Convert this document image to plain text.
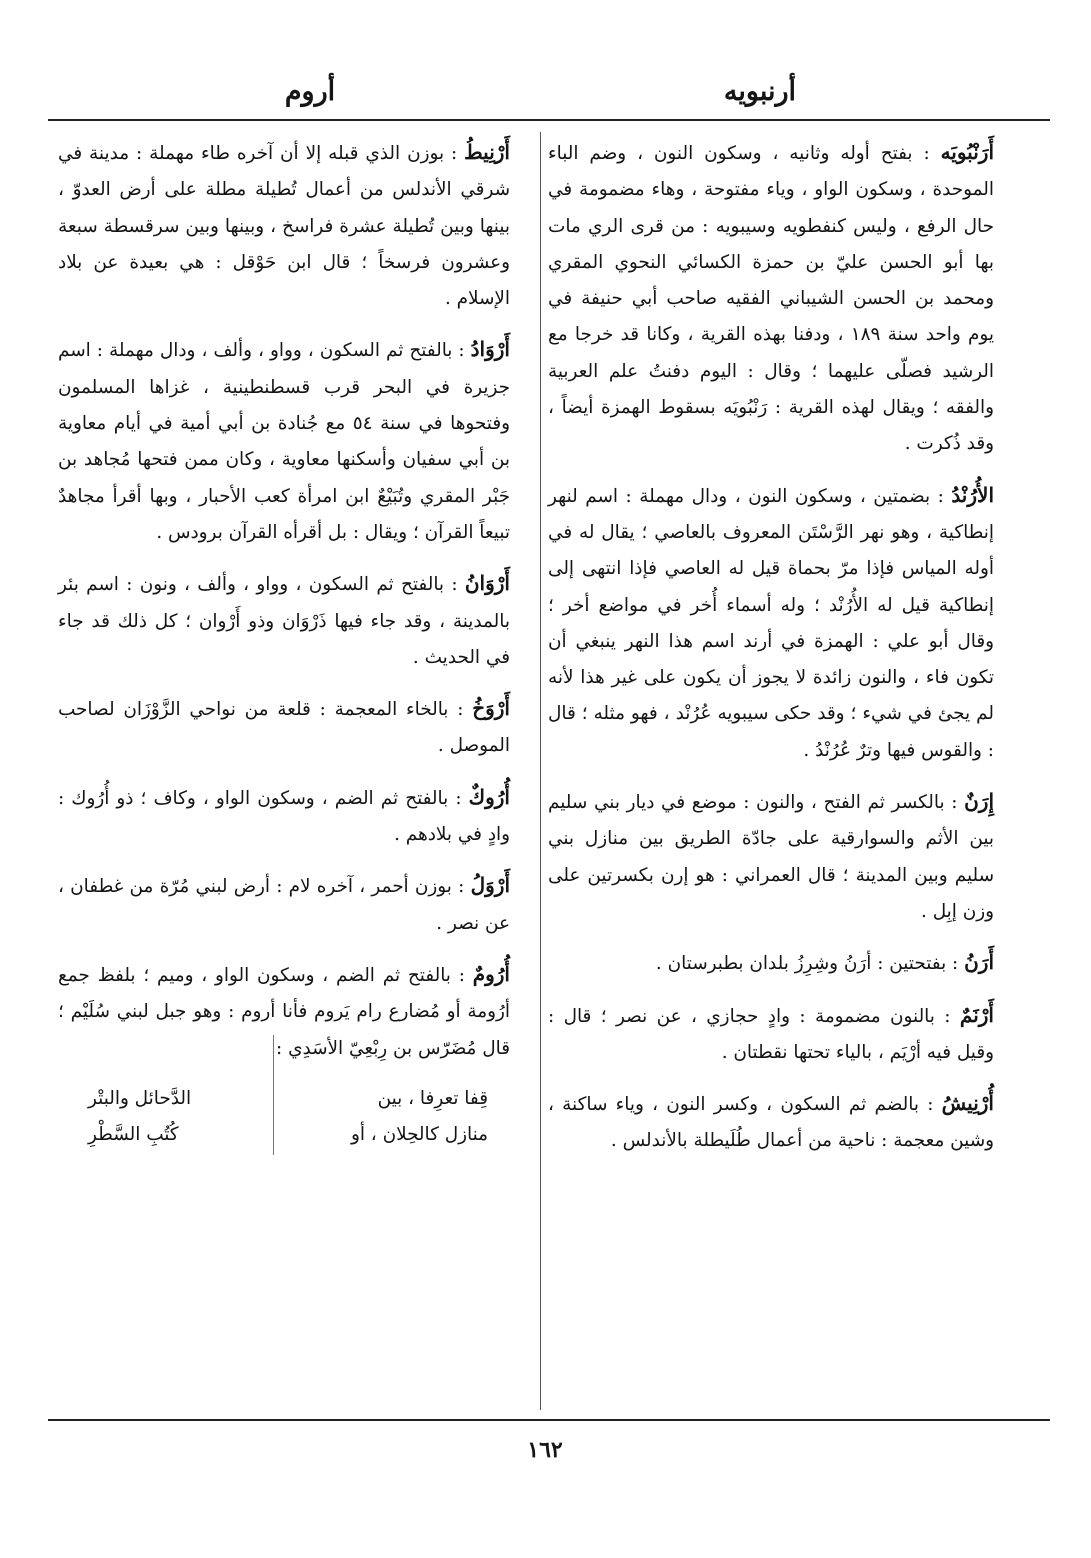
أرنبويه
أروم

أَرَنْبُويَه : بفتح أوله وثانيه ، وسكون النون ، وضم الباء الموحدة ، وسكون الواو ، وياء مفتوحة ، وهاء مضمومة في حال الرفع ، وليس كنفطويه وسيبويه : من قرى الري مات بها أبو الحسن عليّ بن حمزة الكسائي النحوي المقري ومحمد بن الحسن الشيباني الفقيه صاحب أبي حنيفة في يوم واحد سنة ١٨٩ ، ودفنا بهذه القرية ، وكانا قد خرجا مع الرشيد فصلّى عليهما ؛ وقال : اليوم دفنتُ علم العربية والفقه ؛ ويقال لهذه القرية : رَنْبُويَه بسقوط الهمزة أيضاً ، وقد ذُكرت .

الأُرُنْدُ : بضمتين ، وسكون النون ، ودال مهملة : اسم لنهر إنطاكية ، وهو نهر الرَّسْتَن المعروف بالعاصي ؛ يقال له في أوله المياس فإذا مرّ بحماة قيل له العاصي فإذا انتهى إلى إنطاكية قيل له الأُرُنْد ؛ وله أسماء أُخر في مواضع أخر ؛ وقال أبو علي : الهمزة في أرند اسم هذا النهر ينبغي أن تكون فاء ، والنون زائدة لا يجوز أن يكون على غير هذا لأنه لم يجئ في شيء ؛ وقد حكى سيبويه عُرُنْد ، فهو مثله ؛ قال : والقوس فيها وترٌ عُرُنْدُ .

إِرَنٌ : بالكسر ثم الفتح ، والنون : موضع في ديار بني سليم بين الأثم والسوارقية على جادّة الطريق بين منازل بني سليم وبين المدينة ؛ قال العمراني : هو إرن بكسرتين على وزن إبِل .

أَرَنُ : بفتحتين : أرَنُ وشِرِزُ بلدان بطبرستان .

أَرْنَمٌ : بالنون مضمومة : وادٍ حجازي ، عن نصر ؛ قال : وقيل فيه أرْيَم ، بالياء تحتها نقطتان .

أُرْنِيشُ : بالضم ثم السكون ، وكسر النون ، وياء ساكنة ، وشين معجمة : ناحية من أعمال طُلَيطلة بالأندلس .

أَرْنِيطُ : بوزن الذي قبله إلا أن آخره طاء مهملة : مدينة في شرقي الأندلس من أعمال تُطيلة مطلة على أرض العدوّ ، بينها وبين تُطيلة عشرة فراسخ ، وبينها وبين سرقسطة سبعة وعشرون فرسخاً ؛ قال ابن حَوْقل : هي بعيدة عن بلاد الإسلام .

أَرْوَادُ : بالفتح ثم السكون ، وواو ، وألف ، ودال مهملة : اسم جزيرة في البحر قرب قسطنطينية ، غزاها المسلمون وفتحوها في سنة ٥٤ مع جُنادة بن أبي أمية في أيام معاوية بن أبي سفيان وأسكنها معاوية ، وكان ممن فتحها مُجاهد بن جَبْر المقري وتُبَيْعٌ ابن امرأة كعب الأحبار ، وبها أقرأ مجاهدٌ تبيعاً القرآن ؛ ويقال : بل أقرأه القرآن برودس .

أَرْوَانُ : بالفتح ثم السكون ، وواو ، وألف ، ونون : اسم بئر بالمدينة ، وقد جاء فيها ذَرْوَان وذو أَرْوان ؛ كل ذلك قد جاء في الحديث .

أَرْوَخُ : بالخاء المعجمة : قلعة من نواحي الزَّوْزَان لصاحب الموصل .

أُرُوكٌ : بالفتح ثم الضم ، وسكون الواو ، وكاف ؛ ذو أُرُوك : وادٍ في بلادهم .

أَرْوَلُ : بوزن أحمر ، آخره لام : أرض لبني مُرّة من غطفان ، عن نصر .

أُرُومٌ : بالفتح ثم الضم ، وسكون الواو ، وميم ؛ بلفظ جمع أرُومة أو مُضارع رام يَروم فأنا أروم : وهو جبل لبني سُلَيْم ؛ قال مُضَرّس بن رِبْعِيّ الأسَدِي :

قِفا تعرِفا ، بين
الدَّحائل والبتْر
منازل كالحِلان ، أو
كُتُبِ السَّطْرِ
١٦٢
